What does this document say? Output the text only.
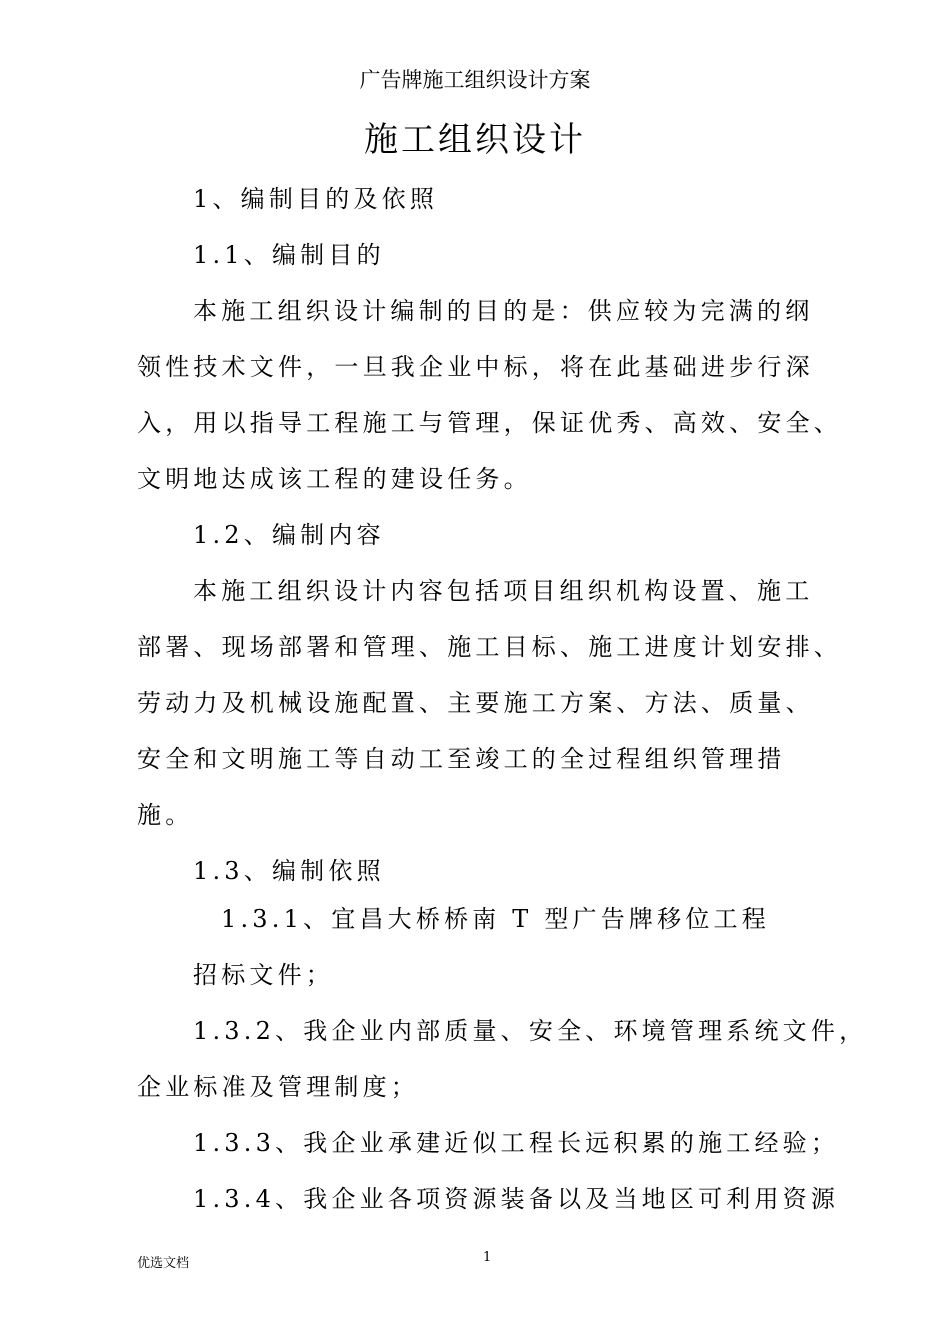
广告牌施工组织设计方案
施工组织设计
1、编制目的及依照
1.1、编制目的
本施工组织设计编制的目的是：供应较为完满的纲
领性技术文件，一旦我企业中标，将在此基础进步行深
入，用以指导工程施工与管理，保证优秀、高效、安全、
文明地达成该工程的建设任务。
1.2、编制内容
本施工组织设计内容包括项目组织机构设置、施工
部署、现场部署和管理、施工目标、施工进度计划安排、
劳动力及机械设施配置、主要施工方案、方法、质量、
安全和文明施工等自动工至竣工的全过程组织管理措
施。
1.3、编制依照
1.3.1、宜昌大桥桥南 T 型广告牌移位工程
招标文件；
1.3.2、我企业内部质量、安全、环境管理系统文件，
企业标准及管理制度；
1.3.3、我企业承建近似工程长远积累的施工经验；
1.3.4、我企业各项资源装备以及当地区可利用资源
优选文档	1
